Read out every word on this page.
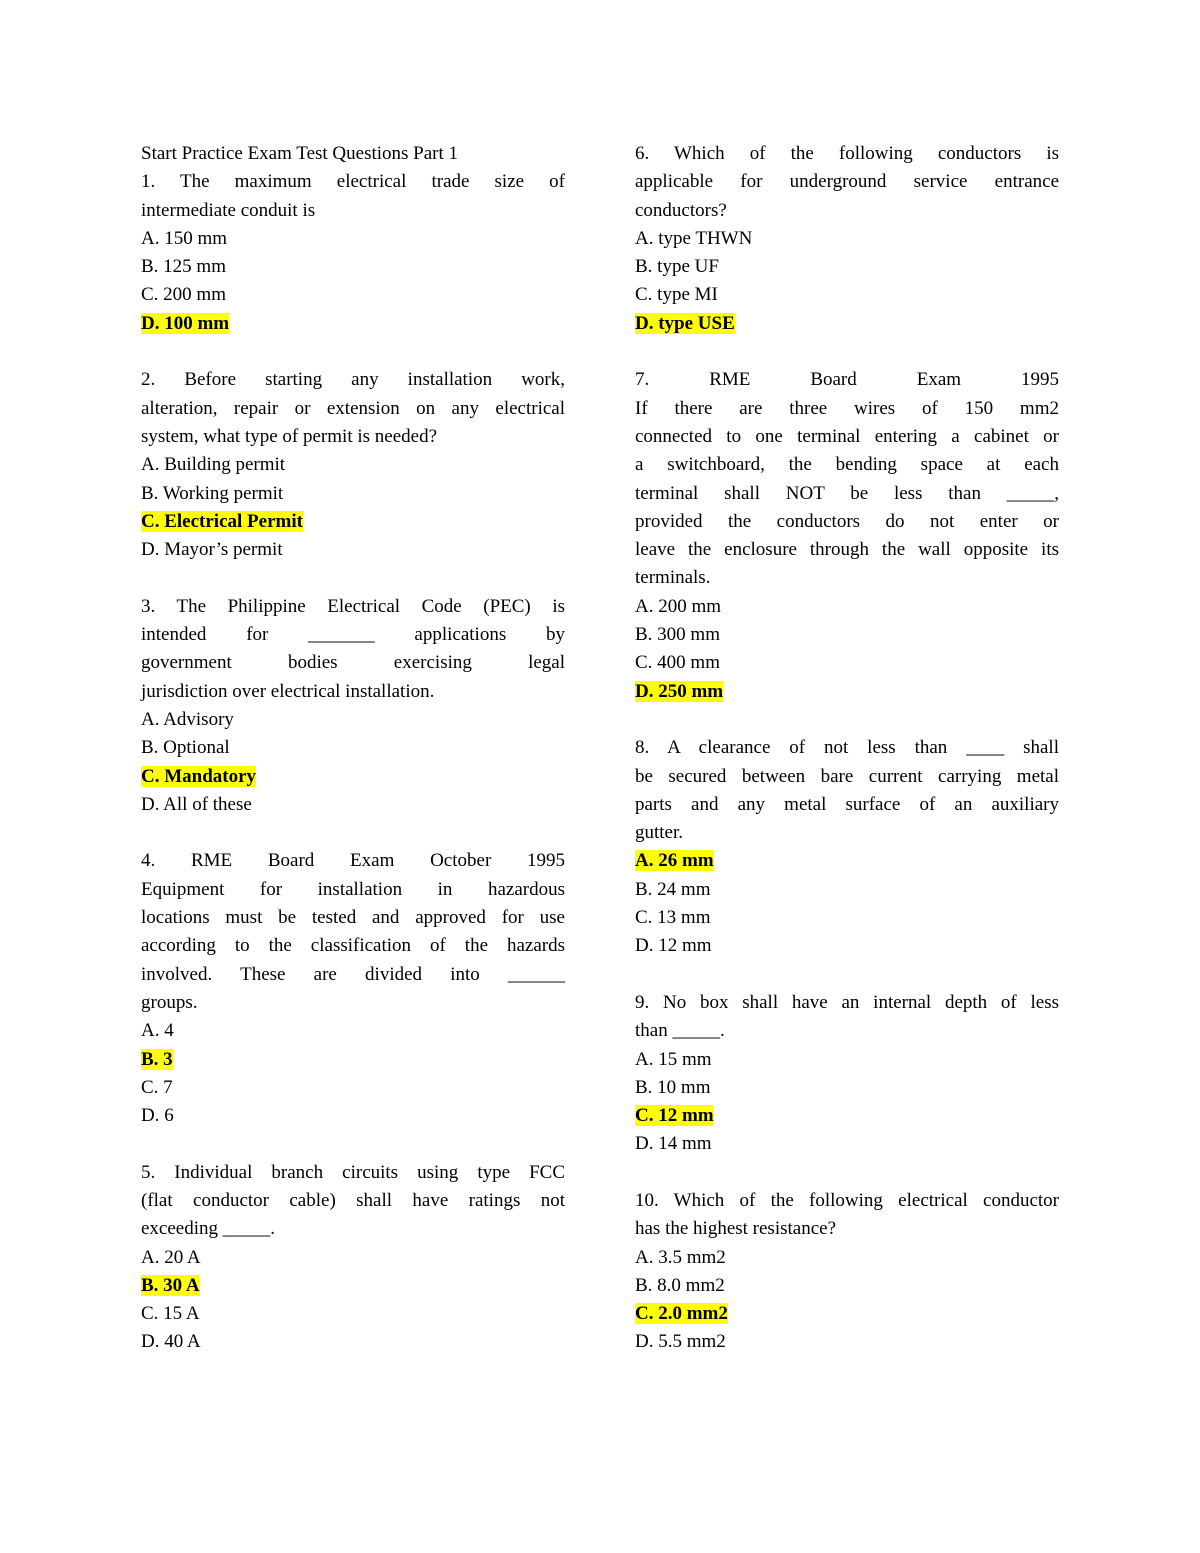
Start Practice Exam Test Questions Part 1
1. The maximum electrical trade size of
intermediate conduit is
A. 150 mm
B. 125 mm
C. 200 mm
D. 100 mm
2. Before starting any installation work,
alteration, repair or extension on any electrical
system, what type of permit is needed?
A. Building permit
B. Working permit
C. Electrical Permit
D. Mayor’s permit
3. The Philippine Electrical Code (PEC) is
intended for _______ applications by
government bodies exercising legal
jurisdiction over electrical installation.
A. Advisory
B. Optional
C. Mandatory
D. All of these
4. RME Board Exam October 1995
Equipment for installation in hazardous
locations must be tested and approved for use
according to the classification of the hazards
involved. These are divided into ______
groups.
A. 4
B. 3
C. 7
D. 6
5. Individual branch circuits using type FCC
(flat conductor cable) shall have ratings not
exceeding _____.
A. 20 A
B. 30 A
C. 15 A
D. 40 A
6. Which of the following conductors is
applicable for underground service entrance
conductors?
A. type THWN
B. type UF
C. type MI
D. type USE
7. RME Board Exam 1995
If there are three wires of 150 mm2
connected to one terminal entering a cabinet or
a switchboard, the bending space at each
terminal shall NOT be less than _____,
provided the conductors do not enter or
leave the enclosure through the wall opposite its
terminals.
A. 200 mm
B. 300 mm
C. 400 mm
D. 250 mm
8. A clearance of not less than ____ shall
be secured between bare current carrying metal
parts and any metal surface of an auxiliary
gutter.
A. 26 mm
B. 24 mm
C. 13 mm
D. 12 mm
9. No box shall have an internal depth of less
than _____.
A. 15 mm
B. 10 mm
C. 12 mm
D. 14 mm
10. Which of the following electrical conductor
has the highest resistance?
A. 3.5 mm2
B. 8.0 mm2
C. 2.0 mm2
D. 5.5 mm2
